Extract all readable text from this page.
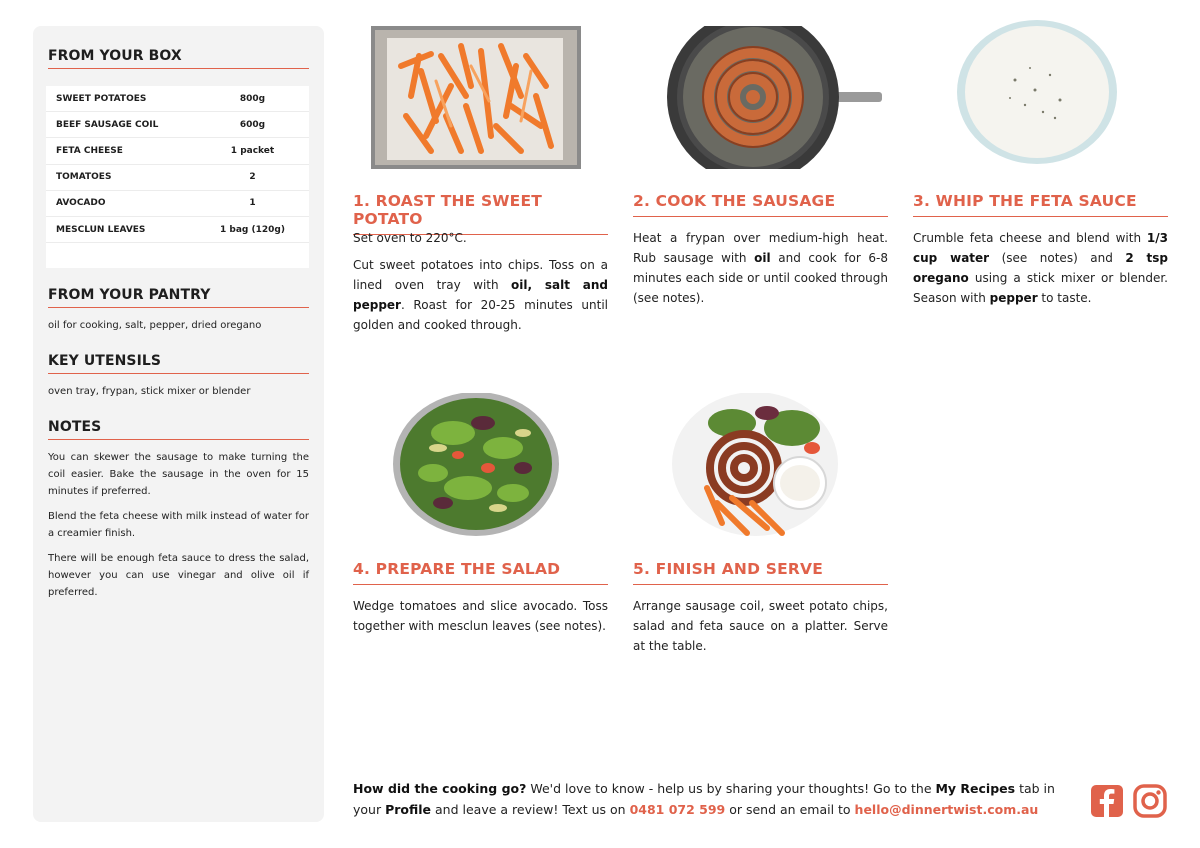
FROM YOUR BOX
SWEET POTATOES	800g
BEEF SAUSAGE COIL	600g
FETA CHEESE	1 packet
TOMATOES	2
AVOCADO	1
MESCLUN LEAVES	1 bag (120g)
FROM YOUR PANTRY
oil for cooking, salt, pepper, dried oregano
KEY UTENSILS
oven tray, frypan, stick mixer or blender
NOTES

You can skewer the sausage to make turning the coil easier. Bake the sausage in the oven for 15 minutes if preferred.

Blend the feta cheese with milk instead of water for a creamier finish.

There will be enough feta sauce to dress the salad, however you can use vinegar and olive oil if preferred.

1. ROAST THE SWEET POTATO

Set oven to 220°C.

Cut sweet potatoes into chips. Toss on a lined oven tray with oil, salt and pepper. Roast for 20-25 minutes until golden and cooked through.

2. COOK THE SAUSAGE

Heat a frypan over medium-high heat. Rub sausage with oil and cook for 6-8 minutes each side or until cooked through (see notes).

3. WHIP THE FETA SAUCE

Crumble feta cheese and blend with 1/3 cup water (see notes) and 2 tsp oregano using a stick mixer or blender. Season with pepper to taste.

4. PREPARE THE SALAD

Wedge tomatoes and slice avocado. Toss together with mesclun leaves (see notes).

5. FINISH AND SERVE

Arrange sausage coil, sweet potato chips, salad and feta sauce on a platter. Serve at the table.

How did the cooking go? We'd love to know - help us by sharing your thoughts! Go to the My Recipes tab in your Profile and leave a review! Text us on 0481 072 599 or send an email to hello@dinnertwist.com.au
